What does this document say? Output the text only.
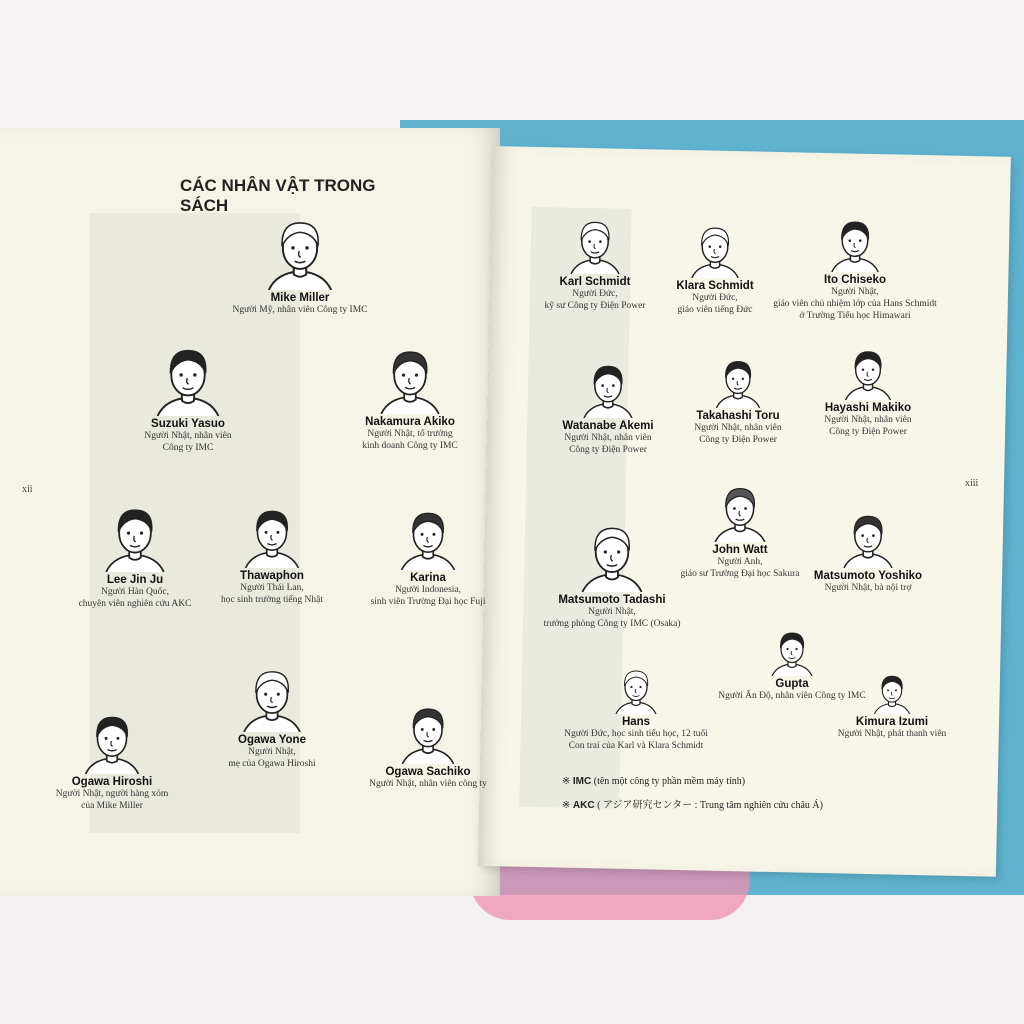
CÁC NHÂN VẬT TRONG SÁCH
xii
xiii
Mike Miller
Người Mỹ, nhân viên Công ty IMC
Suzuki Yasuo
Người Nhật, nhân viên
Công ty IMC
Nakamura Akiko
Người Nhật, tổ trưởng
kinh doanh Công ty IMC
Lee Jin Ju
Người Hàn Quốc,
chuyên viên nghiên cứu AKC
Thawaphon
Người Thái Lan,
học sinh trường tiếng Nhật
Karina
Người Indonesia,
sinh viên Trường Đại học Fuji
Ogawa Hiroshi
Người Nhật, người hàng xóm
của Mike Miller
Ogawa Yone
Người Nhật,
mẹ của Ogawa Hiroshi
Ogawa Sachiko
Người Nhật, nhân viên công ty
Karl Schmidt
Người Đức,
kỹ sư Công ty Điện Power
Klara Schmidt
Người Đức,
giáo viên tiếng Đức
Ito Chiseko
Người Nhật,
giáo viên chủ nhiệm lớp của Hans Schmidt
ở Trường Tiểu học Himawari
Watanabe Akemi
Người Nhật, nhân viên
Công ty Điện Power
Takahashi Toru
Người Nhật, nhân viên
Công ty Điện Power
Hayashi Makiko
Người Nhật, nhân viên
Công ty Điện Power
John Watt
Người Anh,
giáo sư Trường Đại học Sakura
Matsumoto Tadashi
Người Nhật,
trưởng phòng Công ty IMC (Osaka)
Matsumoto Yoshiko
Người Nhật, bà nội trợ
Gupta
Người Ấn Độ, nhân viên Công ty IMC
Hans
Người Đức, học sinh tiểu học, 12 tuổi
Con trai của Karl và Klara Schmidt
Kimura Izumi
Người Nhật, phát thanh viên
※ IMC (tên một công ty phần mềm máy tính)
※ AKC ( アジア研究センター : Trung tâm nghiên cứu châu Á)
